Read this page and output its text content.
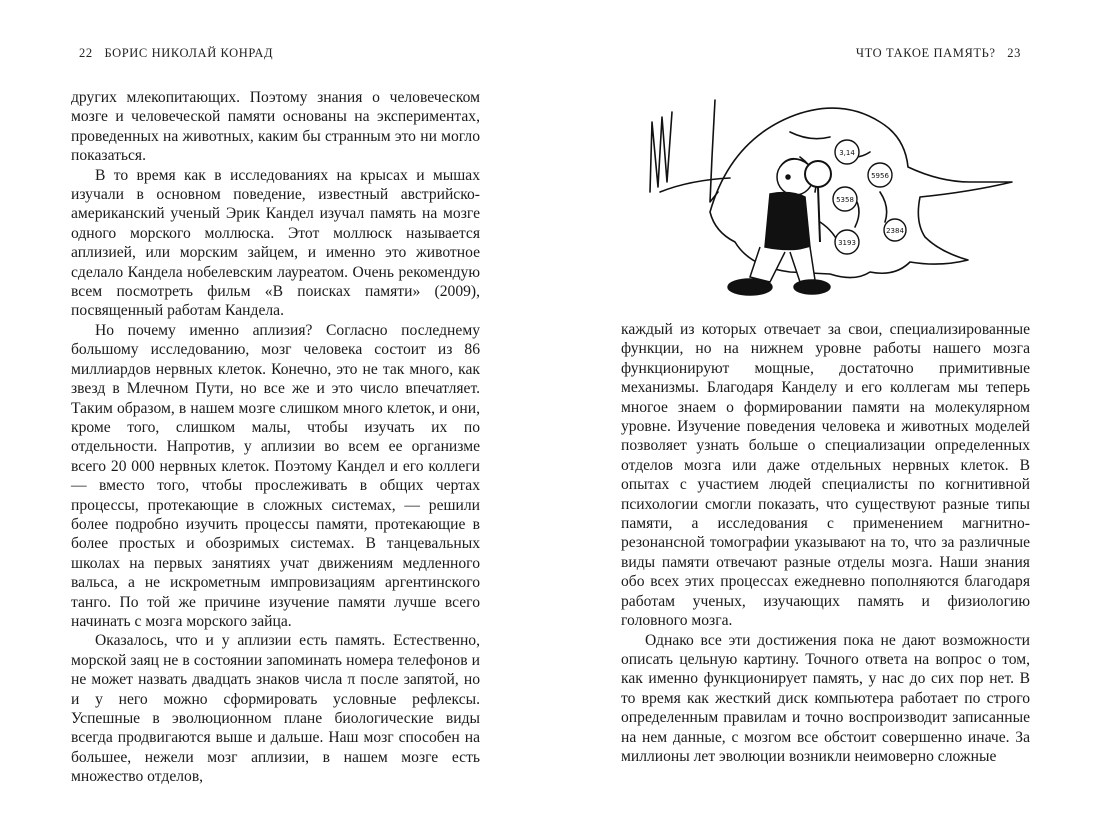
22 БОРИС НИКОЛАЙ КОНРАД	ЧТО ТАКОЕ ПАМЯТЬ? 23

других млекопитающих. Поэтому знания о человеческом мозге и человеческой памяти основаны на экспериментах, проведенных на животных, каким бы странным это ни могло показаться.

В то время как в исследованиях на крысах и мышах изучали в основном поведение, известный австрийско-американский ученый Эрик Кандел изучал память на мозге одного морского моллюска. Этот моллюск называется аплизией, или морским зайцем, и именно это животное сделало Кандела нобелевским лауреатом. Очень рекомендую всем посмотреть фильм «В поисках памяти» (2009), посвященный работам Кандела.

Но почему именно аплизия? Согласно последнему большому исследованию, мозг человека состоит из 86 миллиардов нервных клеток. Конечно, это не так много, как звезд в Млечном Пути, но все же и это число впечатляет. Таким образом, в нашем мозге слишком много клеток, и они, кроме того, слишком малы, чтобы изучать их по отдельности. Напротив, у аплизии во всем ее организме всего 20 000 нервных клеток. Поэтому Кандел и его коллеги — вместо того, чтобы прослеживать в общих чертах процессы, протекающие в сложных системах, — решили более подробно изучить процессы памяти, протекающие в более простых и обозримых системах. В танцевальных школах на первых занятиях учат движениям медленного вальса, а не искрометным импровизациям аргентинского танго. По той же причине изучение памяти лучше всего начинать с мозга морского зайца.

Оказалось, что и у аплизии есть память. Естественно, морской заяц не в состоянии запоминать номера телефонов и не может назвать двадцать знаков числа π после запятой, но и у него можно сформировать условные рефлексы. Успешные в эволюционном плане биологические виды всегда продвигаются выше и дальше. Наш мозг способен на большее, нежели мозг аплизии, в нашем мозге есть множество отделов,

3,14
5956
5358
3193
2384

каждый из которых отвечает за свои, специализированные функции, но на нижнем уровне работы нашего мозга функционируют мощные, достаточно примитивные механизмы. Благодаря Канделу и его коллегам мы теперь многое знаем о формировании памяти на молекулярном уровне. Изучение поведения человека и животных моделей позволяет узнать больше о специализации определенных отделов мозга или даже отдельных нервных клеток. В опытах с участием людей специалисты по когнитивной психологии смогли показать, что существуют разные типы памяти, а исследования с применением магнитно-резонансной томографии указывают на то, что за различные виды памяти отвечают разные отделы мозга. Наши знания обо всех этих процессах ежедневно пополняются благодаря работам ученых, изучающих память и физиологию головного мозга.

Однако все эти достижения пока не дают возможности описать цельную картину. Точного ответа на вопрос о том, как именно функционирует память, у нас до сих пор нет. В то время как жесткий диск компьютера работает по строго определенным правилам и точно воспроизводит записанные на нем данные, с мозгом все обстоит совершенно иначе. За миллионы лет эволюции возникли неимоверно сложные
